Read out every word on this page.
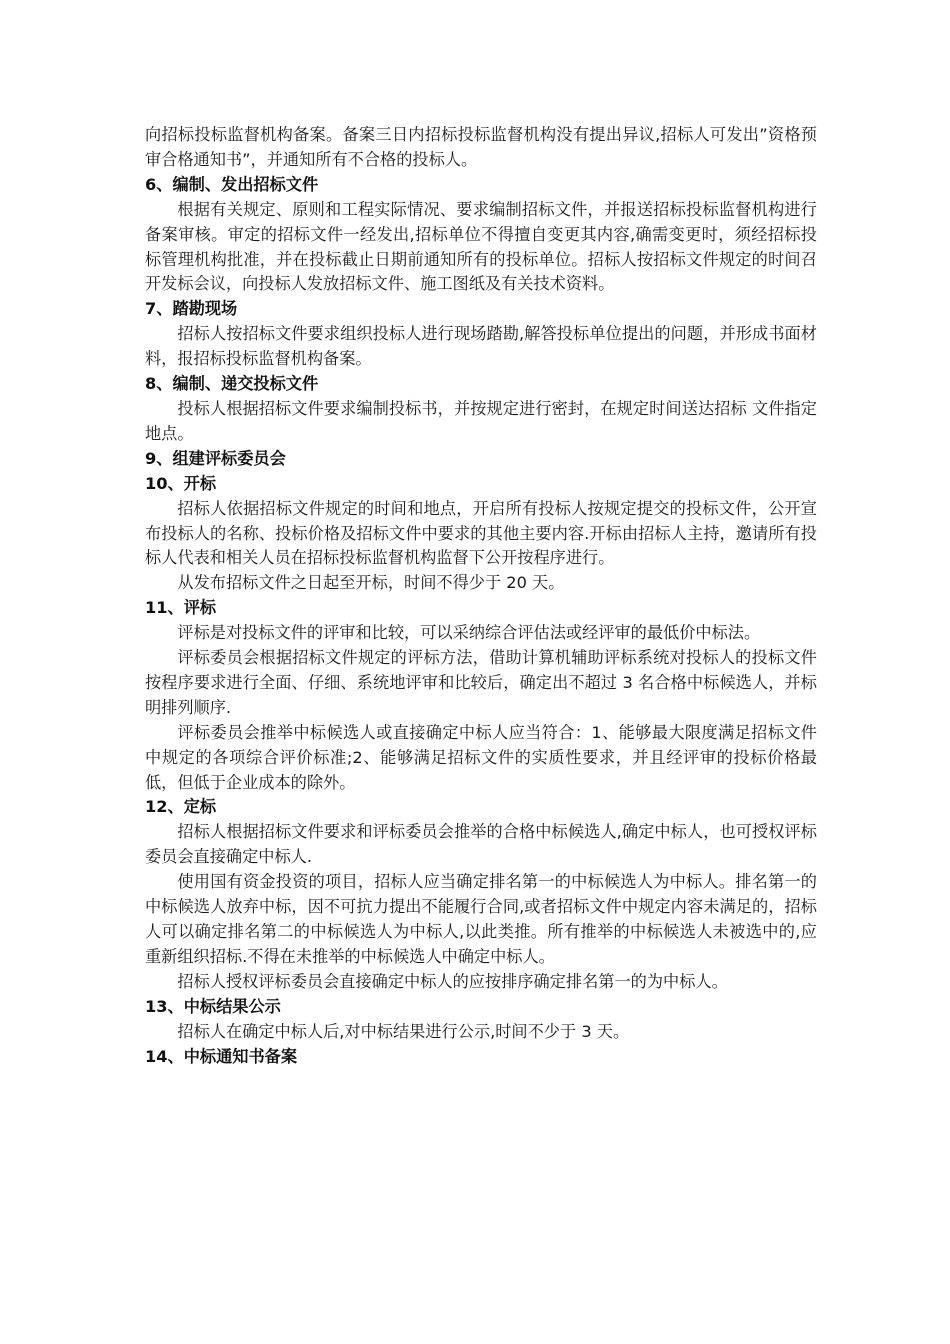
向招标投标监督机构备案。备案三日内招标投标监督机构没有提出异议,招标人可发出”资格预审合格通知书”，并通知所有不合格的投标人。

6、编制、发出招标文件

根据有关规定、原则和工程实际情况、要求编制招标文件，并报送招标投标监督机构进行备案审核。审定的招标文件一经发出,招标单位不得擅自变更其内容,确需变更时，须经招标投标管理机构批准，并在投标截止日期前通知所有的投标单位。招标人按招标文件规定的时间召开发标会议，向投标人发放招标文件、施工图纸及有关技术资料。

7、踏勘现场

招标人按招标文件要求组织投标人进行现场踏勘,解答投标单位提出的问题，并形成书面材料，报招标投标监督机构备案。

8、编制、递交投标文件

投标人根据招标文件要求编制投标书，并按规定进行密封，在规定时间送达招标 文件指定地点。

9、组建评标委员会

10、开标

招标人依据招标文件规定的时间和地点，开启所有投标人按规定提交的投标文件，公开宣布投标人的名称、投标价格及招标文件中要求的其他主要内容.开标由招标人主持，邀请所有投标人代表和相关人员在招标投标监督机构监督下公开按程序进行。

从发布招标文件之日起至开标，时间不得少于 20 天。

11、评标

评标是对投标文件的评审和比较，可以采纳综合评估法或经评审的最低价中标法。

评标委员会根据招标文件规定的评标方法，借助计算机辅助评标系统对投标人的投标文件按程序要求进行全面、仔细、系统地评审和比较后，确定出不超过 3 名合格中标候选人，并标明排列顺序.

评标委员会推举中标候选人或直接确定中标人应当符合：1、能够最大限度满足招标文件中规定的各项综合评价标准;2、能够满足招标文件的实质性要求，并且经评审的投标价格最低，但低于企业成本的除外。

12、定标

招标人根据招标文件要求和评标委员会推举的合格中标候选人,确定中标人，也可授权评标委员会直接确定中标人.

使用国有资金投资的项目，招标人应当确定排名第一的中标候选人为中标人。排名第一的中标候选人放弃中标，因不可抗力提出不能履行合同,或者招标文件中规定内容未满足的，招标人可以确定排名第二的中标候选人为中标人,以此类推。所有推举的中标候选人未被选中的,应重新组织招标.不得在未推举的中标候选人中确定中标人。

招标人授权评标委员会直接确定中标人的应按排序确定排名第一的为中标人。

13、中标结果公示

招标人在确定中标人后,对中标结果进行公示,时间不少于 3 天。

14、中标通知书备案
